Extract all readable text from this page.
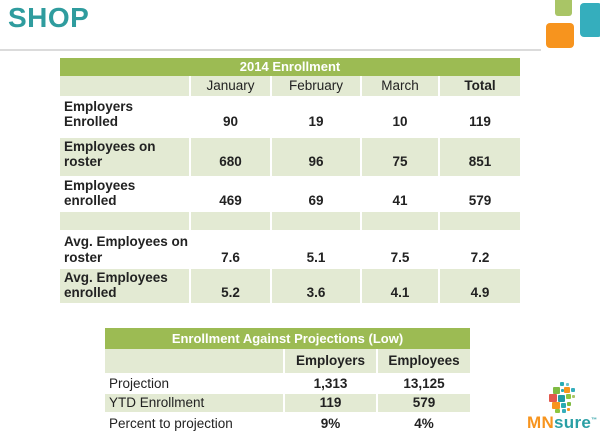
SHOP
2014 Enrollment
	January	February	March	Total
Employers Enrolled	90	19	10	119
Employees on roster	680	96	75	851
Employees enrolled	469	69	41	579

Avg. Employees on roster	7.6	5.1	7.5	7.2
Avg. Employees enrolled	5.2	3.6	4.1	4.9
Enrollment Against Projections (Low)
	Employers	Employees
Projection	1,313	13,125
YTD Enrollment	119	579
Percent to projection	9%	4%	MNsure™
